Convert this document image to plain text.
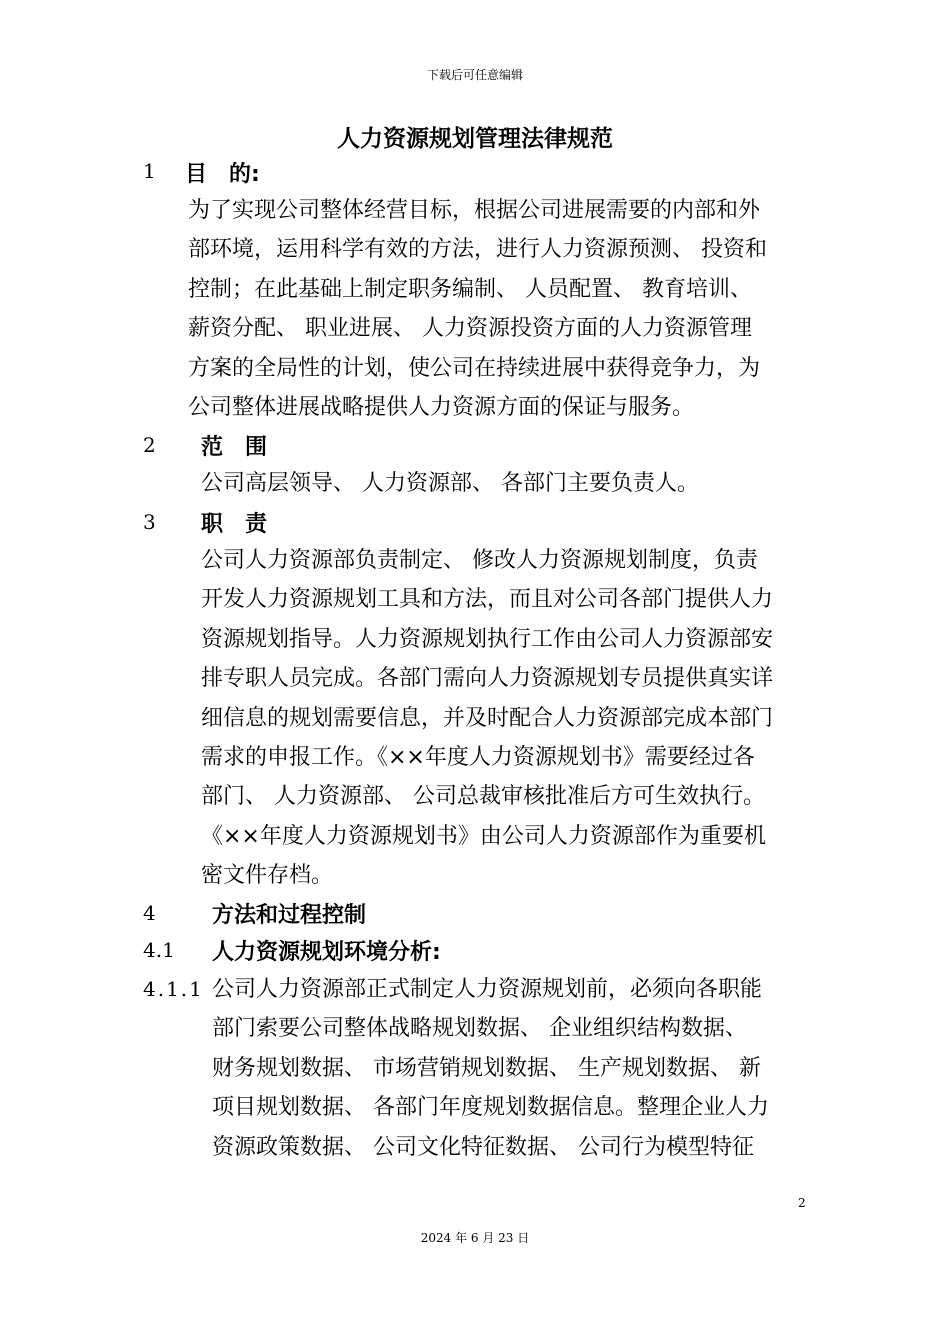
下载后可任意编辑
人力资源规划管理法律规范
1 目　的:
为了实现公司整体经营目标，根据公司进展需要的内部和外
部环境，运用科学有效的方法，进行人力资源预测、 投资和
控制；在此基础上制定职务编制、 人员配置、 教育培训、
薪资分配、 职业进展、 人力资源投资方面的人力资源管理
方案的全局性的计划，使公司在持续进展中获得竞争力，为
公司整体进展战略提供人力资源方面的保证与服务。
2 范　围
公司高层领导、 人力资源部、 各部门主要负责人。
3 职　责
公司人力资源部负责制定、 修改人力资源规划制度，负责
开发人力资源规划工具和方法，而且对公司各部门提供人力
资源规划指导。人力资源规划执行工作由公司人力资源部安
排专职人员完成。各部门需向人力资源规划专员提供真实详
细信息的规划需要信息，并及时配合人力资源部完成本部门
需求的申报工作。《××年度人力资源规划书》需要经过各
部门、 人力资源部、 公司总裁审核批准后方可生效执行。
《××年度人力资源规划书》由公司人力资源部作为重要机
密文件存档。
4	方法和过程控制
4.1 人力资源规划环境分析:
4.1.1 公司人力资源部正式制定人力资源规划前，必须向各职能
部门索要公司整体战略规划数据、 企业组织结构数据、
财务规划数据、 市场营销规划数据、 生产规划数据、 新
项目规划数据、 各部门年度规划数据信息。整理企业人力
资源政策数据、 公司文化特征数据、 公司行为模型特征
2
2024 年 6 月 23 日
